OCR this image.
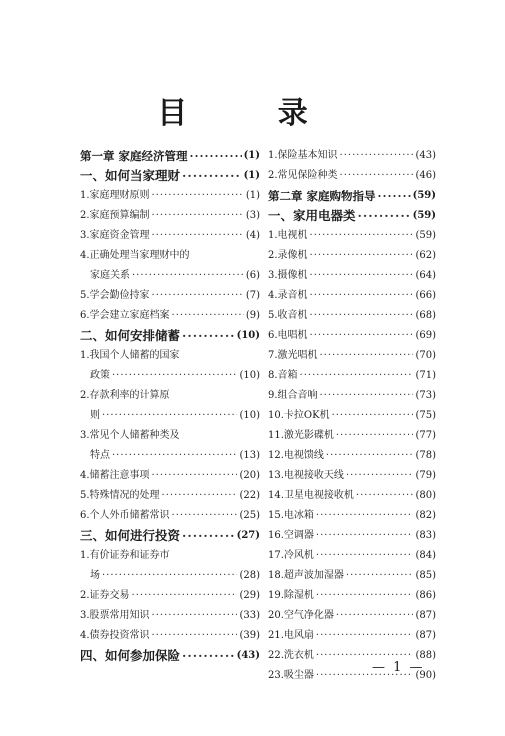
目 录
第一章 家庭经济管理 ·····	(1)
一、如何当家理财 ·····	(1)
1.家庭理财原则 ·····	(1)
2.家庭预算编制 ·····	(3)
3.家庭资金管理 ·····	(4)
4.正确处理当家理财中的
家庭关系 ·····	(6)
5.学会勤俭持家 ·····	(7)
6.学会建立家庭档案 ·····	(9)
二、如何安排储蓄 ·····	(10)
1.我国个人储蓄的国家
政策 ·····	(10)
2.存款利率的计算原
则 ·····	(10)
3.常见个人储蓄种类及
特点 ·····	(13)
4.储蓄注意事项 ·····	(20)
5.特殊情况的处理 ·····	(22)
6.个人外币储蓄常识 ·····	(25)
三、如何进行投资 ·····	(27)
1.有价证券和证券市
场 ·····	(28)
2.证券交易 ·····	(29)
3.股票常用知识 ·····	(33)
4.债券投资常识 ·····	(39)
四、如何参加保险 ·····	(43)
1.保险基本知识 ·····	(43)
2.常见保险种类 ·····	(46)
第二章 家庭购物指导 ·····	(59)
一、家用电器类 ·····	(59)
1.电视机 ·····	(59)
2.录像机 ·····	(62)
3.摄像机 ·····	(64)
4.录音机 ·····	(66)
5.收音机 ·····	(68)
6.电唱机 ·····	(69)
7.激光唱机 ·····	(70)
8.音箱 ·····	(71)
9.组合音响 ·····	(73)
10.卡拉OK机 ·····	(75)
11.激光影碟机 ·····	(77)
12.电视馈线 ·····	(78)
13.电视接收天线 ·····	(79)
14.卫星电视接收机 ·····	(80)
15.电冰箱 ·····	(82)
16.空调器 ·····	(83)
17.冷风机 ·····	(84)
18.超声波加湿器 ·····	(85)
19.除湿机 ·····	(86)
20.空气净化器 ·····	(87)
21.电风扇 ·····	(87)
22.洗衣机 ·····	(88)
23.吸尘器 ·····	(90)
— 1 —
